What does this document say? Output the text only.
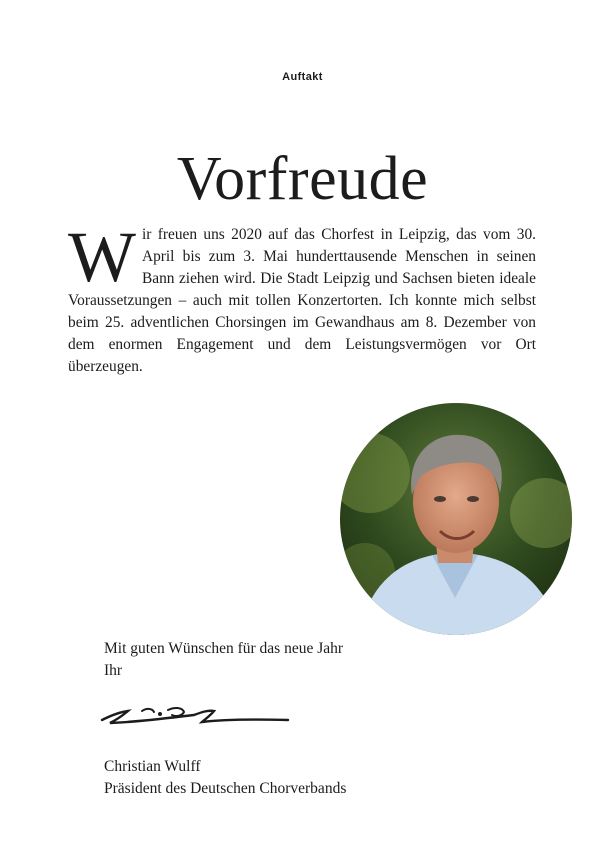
Auftakt
Vorfreude
W ir freuen uns 2020 auf das Chorfest in Leipzig, das vom 30. April bis zum 3. Mai hunderttausende Menschen in seinen Bann ziehen wird. Die Stadt Leipzig und Sachsen bieten ideale Voraussetzungen – auch mit tollen Konzertorten. Ich konnte mich selbst beim 25. adventlichen Chorsingen im Gewandhaus am 8. Dezember von dem enormen Engagement und dem Leistungsvermögen vor Ort überzeugen.
Mit guten Wünschen für das neue Jahr
Ihr
Christian Wulff
Präsident des Deutschen Chorverbands
